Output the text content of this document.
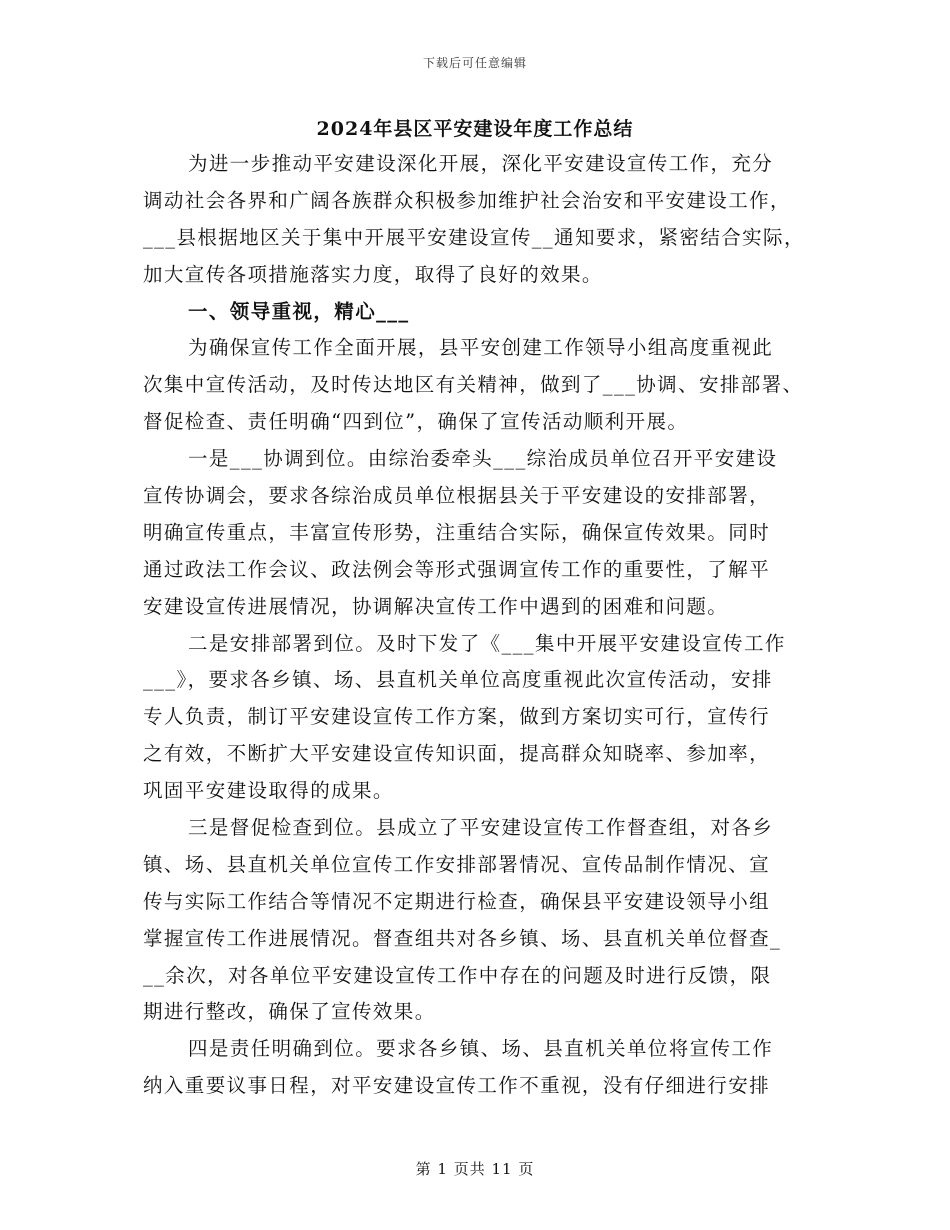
下载后可任意编辑
2024年县区平安建设年度工作总结
为进一步推动平安建设深化开展，深化平安建设宣传工作，充分
调动社会各界和广阔各族群众积极参加维护社会治安和平安建设工作，
___县根据地区关于集中开展平安建设宣传__通知要求，紧密结合实际，
加大宣传各项措施落实力度，取得了良好的效果。
一、领导重视，精心___
为确保宣传工作全面开展，县平安创建工作领导小组高度重视此
次集中宣传活动，及时传达地区有关精神，做到了___协调、安排部署、
督促检查、责任明确“四到位”，确保了宣传活动顺利开展。
一是___协调到位。由综治委牵头___综治成员单位召开平安建设
宣传协调会，要求各综治成员单位根据县关于平安建设的安排部署，
明确宣传重点，丰富宣传形势，注重结合实际，确保宣传效果。同时
通过政法工作会议、政法例会等形式强调宣传工作的重要性，了解平
安建设宣传进展情况，协调解决宣传工作中遇到的困难和问题。
二是安排部署到位。及时下发了《___集中开展平安建设宣传工作
___》，要求各乡镇、场、县直机关单位高度重视此次宣传活动，安排
专人负责，制订平安建设宣传工作方案，做到方案切实可行，宣传行
之有效，不断扩大平安建设宣传知识面，提高群众知晓率、参加率，
巩固平安建设取得的成果。
三是督促检查到位。县成立了平安建设宣传工作督查组，对各乡
镇、场、县直机关单位宣传工作安排部署情况、宣传品制作情况、宣
传与实际工作结合等情况不定期进行检查，确保县平安建设领导小组
掌握宣传工作进展情况。督查组共对各乡镇、场、县直机关单位督查_
__余次，对各单位平安建设宣传工作中存在的问题及时进行反馈，限
期进行整改，确保了宣传效果。
四是责任明确到位。要求各乡镇、场、县直机关单位将宣传工作
纳入重要议事日程，对平安建设宣传工作不重视，没有仔细进行安排
第 1 页共 11 页
